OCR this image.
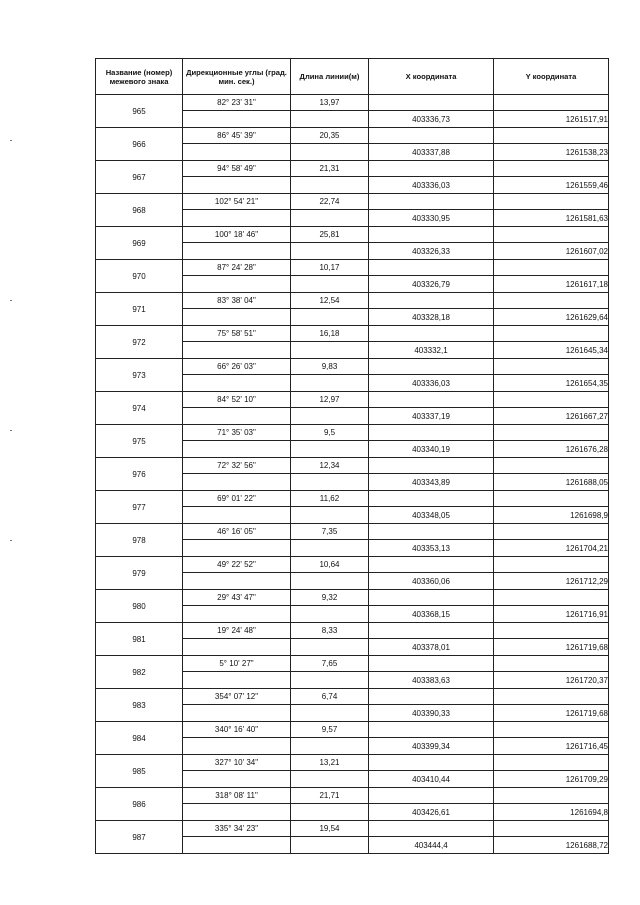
Название (номер) межевого знака	Дирекционные углы (град. мин. сек.)	Длина линии(м)	X координата	Y координата
965	82° 23' 31"	13,97		
			403336,73	1261517,91
966	86° 45' 39"	20,35		
			403337,88	1261538,23
967	94° 58' 49"	21,31		
			403336,03	1261559,46
968	102° 54' 21"	22,74		
			403330,95	1261581,63
969	100° 18' 46"	25,81		
			403326,33	1261607,02
970	87° 24' 28"	10,17		
			403326,79	1261617,18
971	83° 38' 04"	12,54		
			403328,18	1261629,64
972	75° 58' 51"	16,18		
			403332,1	1261645,34
973	66° 26' 03"	9,83		
			403336,03	1261654,35
974	84° 52' 10"	12,97		
			403337,19	1261667,27
975	71° 35' 03"	9,5		
			403340,19	1261676,28
976	72° 32' 56"	12,34		
			403343,89	1261688,05
977	69° 01' 22"	11,62		
			403348,05	1261698,9
978	46° 16' 05"	7,35		
			403353,13	1261704,21
979	49° 22' 52"	10,64		
			403360,06	1261712,29
980	29° 43' 47"	9,32		
			403368,15	1261716,91
981	19° 24' 48"	8,33		
			403378,01	1261719,68
982	5° 10' 27"	7,65		
			403383,63	1261720,37
983	354° 07' 12"	6,74		
			403390,33	1261719,68
984	340° 16' 40"	9,57		
			403399,34	1261716,45
985	327° 10' 34"	13,21		
			403410,44	1261709,29
986	318° 08' 11"	21,71		
			403426,61	1261694,8
987	335° 34' 23"	19,54		
			403444,4	1261688,72
